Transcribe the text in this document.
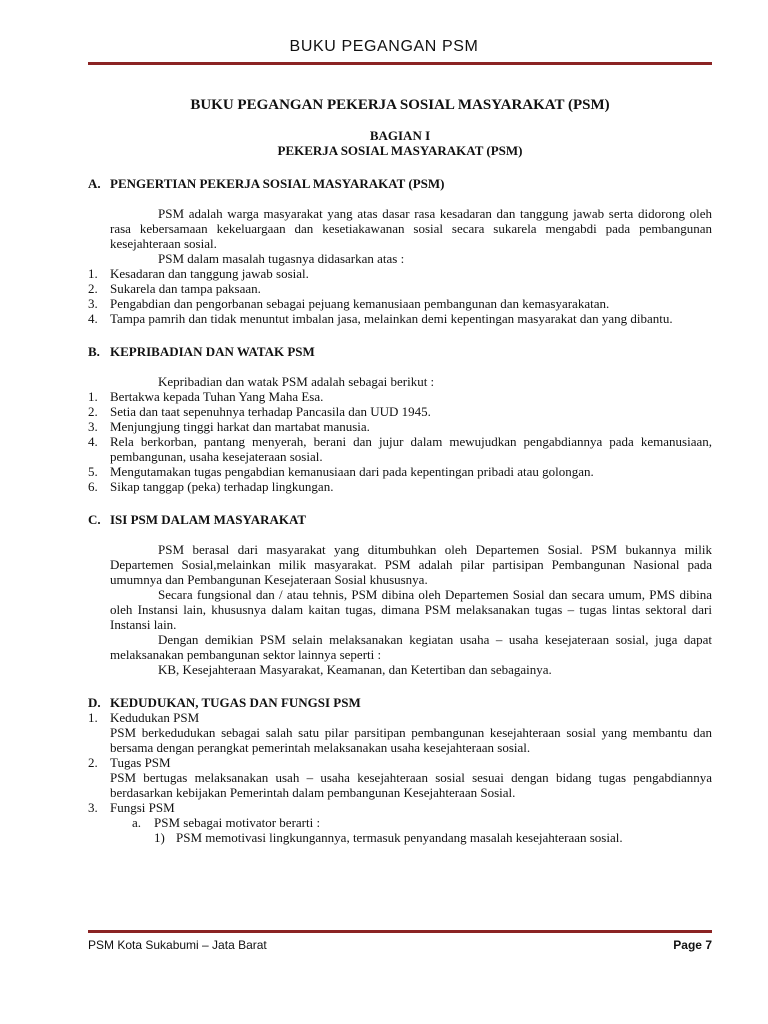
BUKU PEGANGAN PSM
BUKU PEGANGAN PEKERJA SOSIAL MASYARAKAT (PSM)
BAGIAN I
PEKERJA SOSIAL MASYARAKAT (PSM)
A. PENGERTIAN PEKERJA SOSIAL MASYARAKAT (PSM)

PSM adalah warga masyarakat yang atas dasar rasa kesadaran dan tanggung jawab serta didorong oleh rasa kebersamaan kekeluargaan dan kesetiakawanan sosial secara sukarela mengabdi pada pembangunan kesejahteraan sosial.

PSM dalam masalah tugasnya didasarkan atas :

1. Kesadaran dan tanggung jawab sosial.
2. Sukarela dan tampa paksaan.
3. Pengabdian dan pengorbanan sebagai pejuang kemanusiaan pembangunan dan kemasyarakatan.
4. Tampa pamrih dan tidak menuntut imbalan jasa, melainkan demi kepentingan masyarakat dan yang dibantu.
B. KEPRIBADIAN DAN WATAK PSM

Kepribadian dan watak PSM adalah sebagai berikut :

1. Bertakwa kepada Tuhan Yang Maha Esa.
2. Setia dan taat sepenuhnya terhadap Pancasila dan UUD 1945.
3. Menjungjung tinggi harkat dan martabat manusia.
4. Rela berkorban, pantang menyerah, berani dan jujur dalam mewujudkan pengabdiannya pada kemanusiaan, pembangunan, usaha kesejateraan sosial.
5. Mengutamakan tugas pengabdian kemanusiaan dari pada kepentingan pribadi atau golongan.
6. Sikap tanggap (peka) terhadap lingkungan.
C. ISI PSM DALAM MASYARAKAT

PSM berasal dari masyarakat yang ditumbuhkan oleh Departemen Sosial. PSM bukannya milik Departemen Sosial,melainkan milik masyarakat. PSM adalah pilar partisipan Pembangunan Nasional pada umumnya dan Pembangunan Kesejateraan Sosial khususnya.

Secara fungsional dan / atau tehnis, PSM dibina oleh Departemen Sosial dan secara umum, PMS dibina oleh Instansi lain, khususnya dalam kaitan tugas, dimana PSM melaksanakan tugas – tugas lintas sektoral dari Instansi lain.

Dengan demikian PSM selain melaksanakan kegiatan usaha – usaha kesejateraan sosial, juga dapat melaksanakan pembangunan sektor lainnya seperti :

KB, Kesejahteraan Masyarakat, Keamanan, dan Ketertiban dan sebagainya.

D. KEDUDUKAN, TUGAS DAN FUNGSI PSM
1. Kedudukan PSM

PSM berkedudukan sebagai salah satu pilar parsitipan pembangunan kesejahteraan sosial yang membantu dan bersama dengan perangkat pemerintah melaksanakan usaha kesejahteraan sosial.

2. Tugas PSM

PSM bertugas melaksanakan usah – usaha kesejahteraan sosial sesuai dengan bidang tugas pengabdiannya berdasarkan kebijakan Pemerintah dalam pembangunan Kesejahteraan Sosial.

3. Fungsi PSM
a. PSM sebagai motivator berarti :
1) PSM memotivasi lingkungannya, termasuk penyandang masalah kesejahteraan sosial.
PSM Kota Sukabumi – Jata Barat	Page 7
